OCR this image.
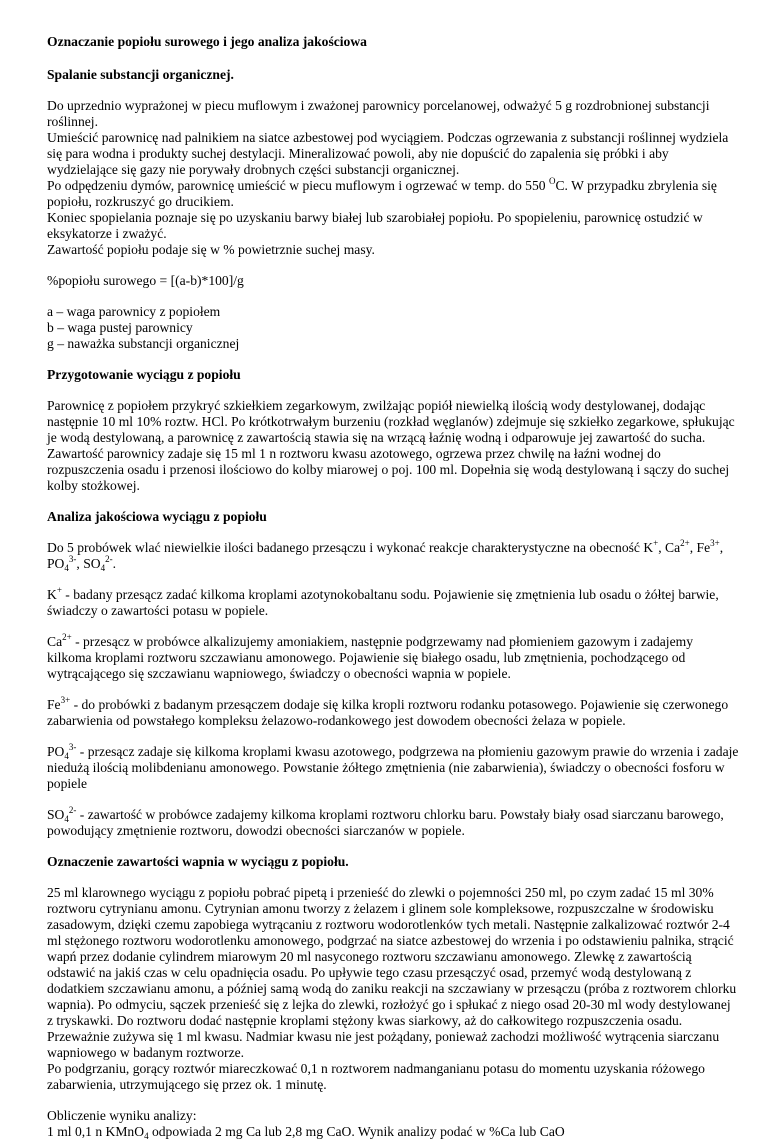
Oznaczanie popiołu surowego i jego analiza jakościowa
Spalanie substancji organicznej.

Do uprzednio wyprażonej w piecu muflowym i zważonej parownicy porcelanowej, odważyć 5 g rozdrobnionej substancji roślinnej.

Umieścić parownicę nad palnikiem na siatce azbestowej pod wyciągiem. Podczas ogrzewania z substancji roślinnej wydziela się para wodna i produkty suchej destylacji. Mineralizować powoli, aby nie dopuścić do zapalenia się próbki i aby wydzielające się gazy nie porywały drobnych części substancji organicznej.

Po odpędzeniu dymów, parownicę umieścić w piecu muflowym i ogrzewać w temp. do 550 $^O$C. W przypadku zbrylenia się popiołu, rozkruszyć go drucikiem.

Koniec spopielania poznaje się po uzyskaniu barwy białej lub szarobiałej popiołu. Po spopieleniu, parownicę ostudzić w eksykatorze i zważyć.

Zawartość popiołu podaje się w % powietrznie suchej masy.

%popiołu surowego = [(a-b)*100]/g

a – waga parownicy z popiołem

b – waga pustej parownicy

g – naważka substancji organicznej

Przygotowanie wyciągu z popiołu

Parownicę z popiołem przykryć szkiełkiem zegarkowym, zwilżając popiół niewielką ilością wody destylowanej, dodając następnie 10 ml 10% roztw. HCl. Po krótkotrwałym burzeniu (rozkład węglanów) zdejmuje się szkiełko zegarkowe, spłukując je wodą destylowaną, a parownicę z zawartością stawia się na wrzącą łaźnię wodną i odparowuje jej zawartość do sucha. Zawartość parownicy zadaje się 15 ml 1 n roztworu kwasu azotowego, ogrzewa przez chwilę na łaźni wodnej do rozpuszczenia osadu i przenosi ilościowo do kolby miarowej o poj. 100 ml. Dopełnia się wodą destylowaną i sączy do suchej kolby stożkowej.

Analiza jakościowa wyciągu z popiołu

Do 5 probówek wlać niewielkie ilości badanego przesączu i wykonać reakcje charakterystyczne na obecność K+, $Ca^{2+}$, $Fe^{3+}$, $PO_4^{3-}$, $SO_4^{2-}$.

K+ - badany przesącz zadać kilkoma kroplami azotynokobaltanu sodu. Pojawienie się zmętnienia lub osadu o żółtej barwie, świadczy o zawartości potasu w popiele.

$Ca^{2+}$ - przesącz w probówce alkalizujemy amoniakiem, następnie podgrzewamy nad płomieniem gazowym i zadajemy kilkoma kroplami roztworu szczawianu amonowego. Pojawienie się białego osadu, lub zmętnienia, pochodzącego od wytrącającego się szczawianu wapniowego, świadczy o obecności wapnia w popiele.

$Fe^{3+}$ - do probówki z badanym przesączem dodaje się kilka kropli roztworu rodanku potasowego. Pojawienie się czerwonego zabarwienia od powstałego kompleksu żelazowo-rodankowego jest dowodem obecności żelaza w popiele.

$PO_4^{3-}$ - przesącz zadaje się kilkoma kroplami kwasu azotowego, podgrzewa na płomieniu gazowym prawie do wrzenia i zadaje niedużą ilością molibdenianu amonowego. Powstanie żółtego zmętnienia (nie zabarwienia), świadczy o obecności fosforu w popiele

$SO_4^{2-}$ - zawartość w probówce zadajemy kilkoma kroplami roztworu chlorku baru. Powstały biały osad siarczanu barowego, powodujący zmętnienie roztworu, dowodzi obecności siarczanów w popiele.

Oznaczenie zawartości wapnia w wyciągu z popiołu.

25 ml klarownego wyciągu z popiołu pobrać pipetą i przenieść do zlewki o pojemności 250 ml, po czym zadać 15 ml 30% roztworu cytrynianu amonu. Cytrynian amonu tworzy z żelazem i glinem sole kompleksowe, rozpuszczalne w środowisku zasadowym, dzięki czemu zapobiega wytrącaniu z roztworu wodorotlenków tych metali. Następnie zalkalizować roztwór 2-4 ml stężonego roztworu wodorotlenku amonowego, podgrzać na siatce azbestowej do wrzenia i po odstawieniu palnika, strącić wapń przez dodanie cylindrem miarowym 20 ml nasyconego roztworu szczawianu amonowego. Zlewkę z zawartością odstawić na jakiś czas w celu opadnięcia osadu. Po upływie tego czasu przesączyć osad, przemyć wodą destylowaną z dodatkiem szczawianu amonu, a później samą wodą do zaniku reakcji na szczawiany w przesączu (próba z roztworem chlorku wapnia). Po odmyciu, sączek przenieść się z lejka do zlewki, rozłożyć go i spłukać z niego osad 20-30 ml wody destylowanej z tryskawki. Do roztworu dodać następnie kroplami stężony kwas siarkowy, aż do całkowitego rozpuszczenia osadu. Przeważnie zużywa się 1 ml kwasu. Nadmiar kwasu nie jest pożądany, ponieważ zachodzi możliwość wytrącenia siarczanu wapniowego w badanym roztworze.

Po podgrzaniu, gorący roztwór miareczkować 0,1 n roztworem nadmanganianu potasu do momentu uzyskania różowego zabarwienia, utrzymującego się przez ok. 1 minutę.

Obliczenie wyniku analizy:

1 ml 0,1 n KMnO$_4$ odpowiada 2 mg Ca lub 2,8 mg CaO. Wynik analizy podać w %Ca lub CaO
